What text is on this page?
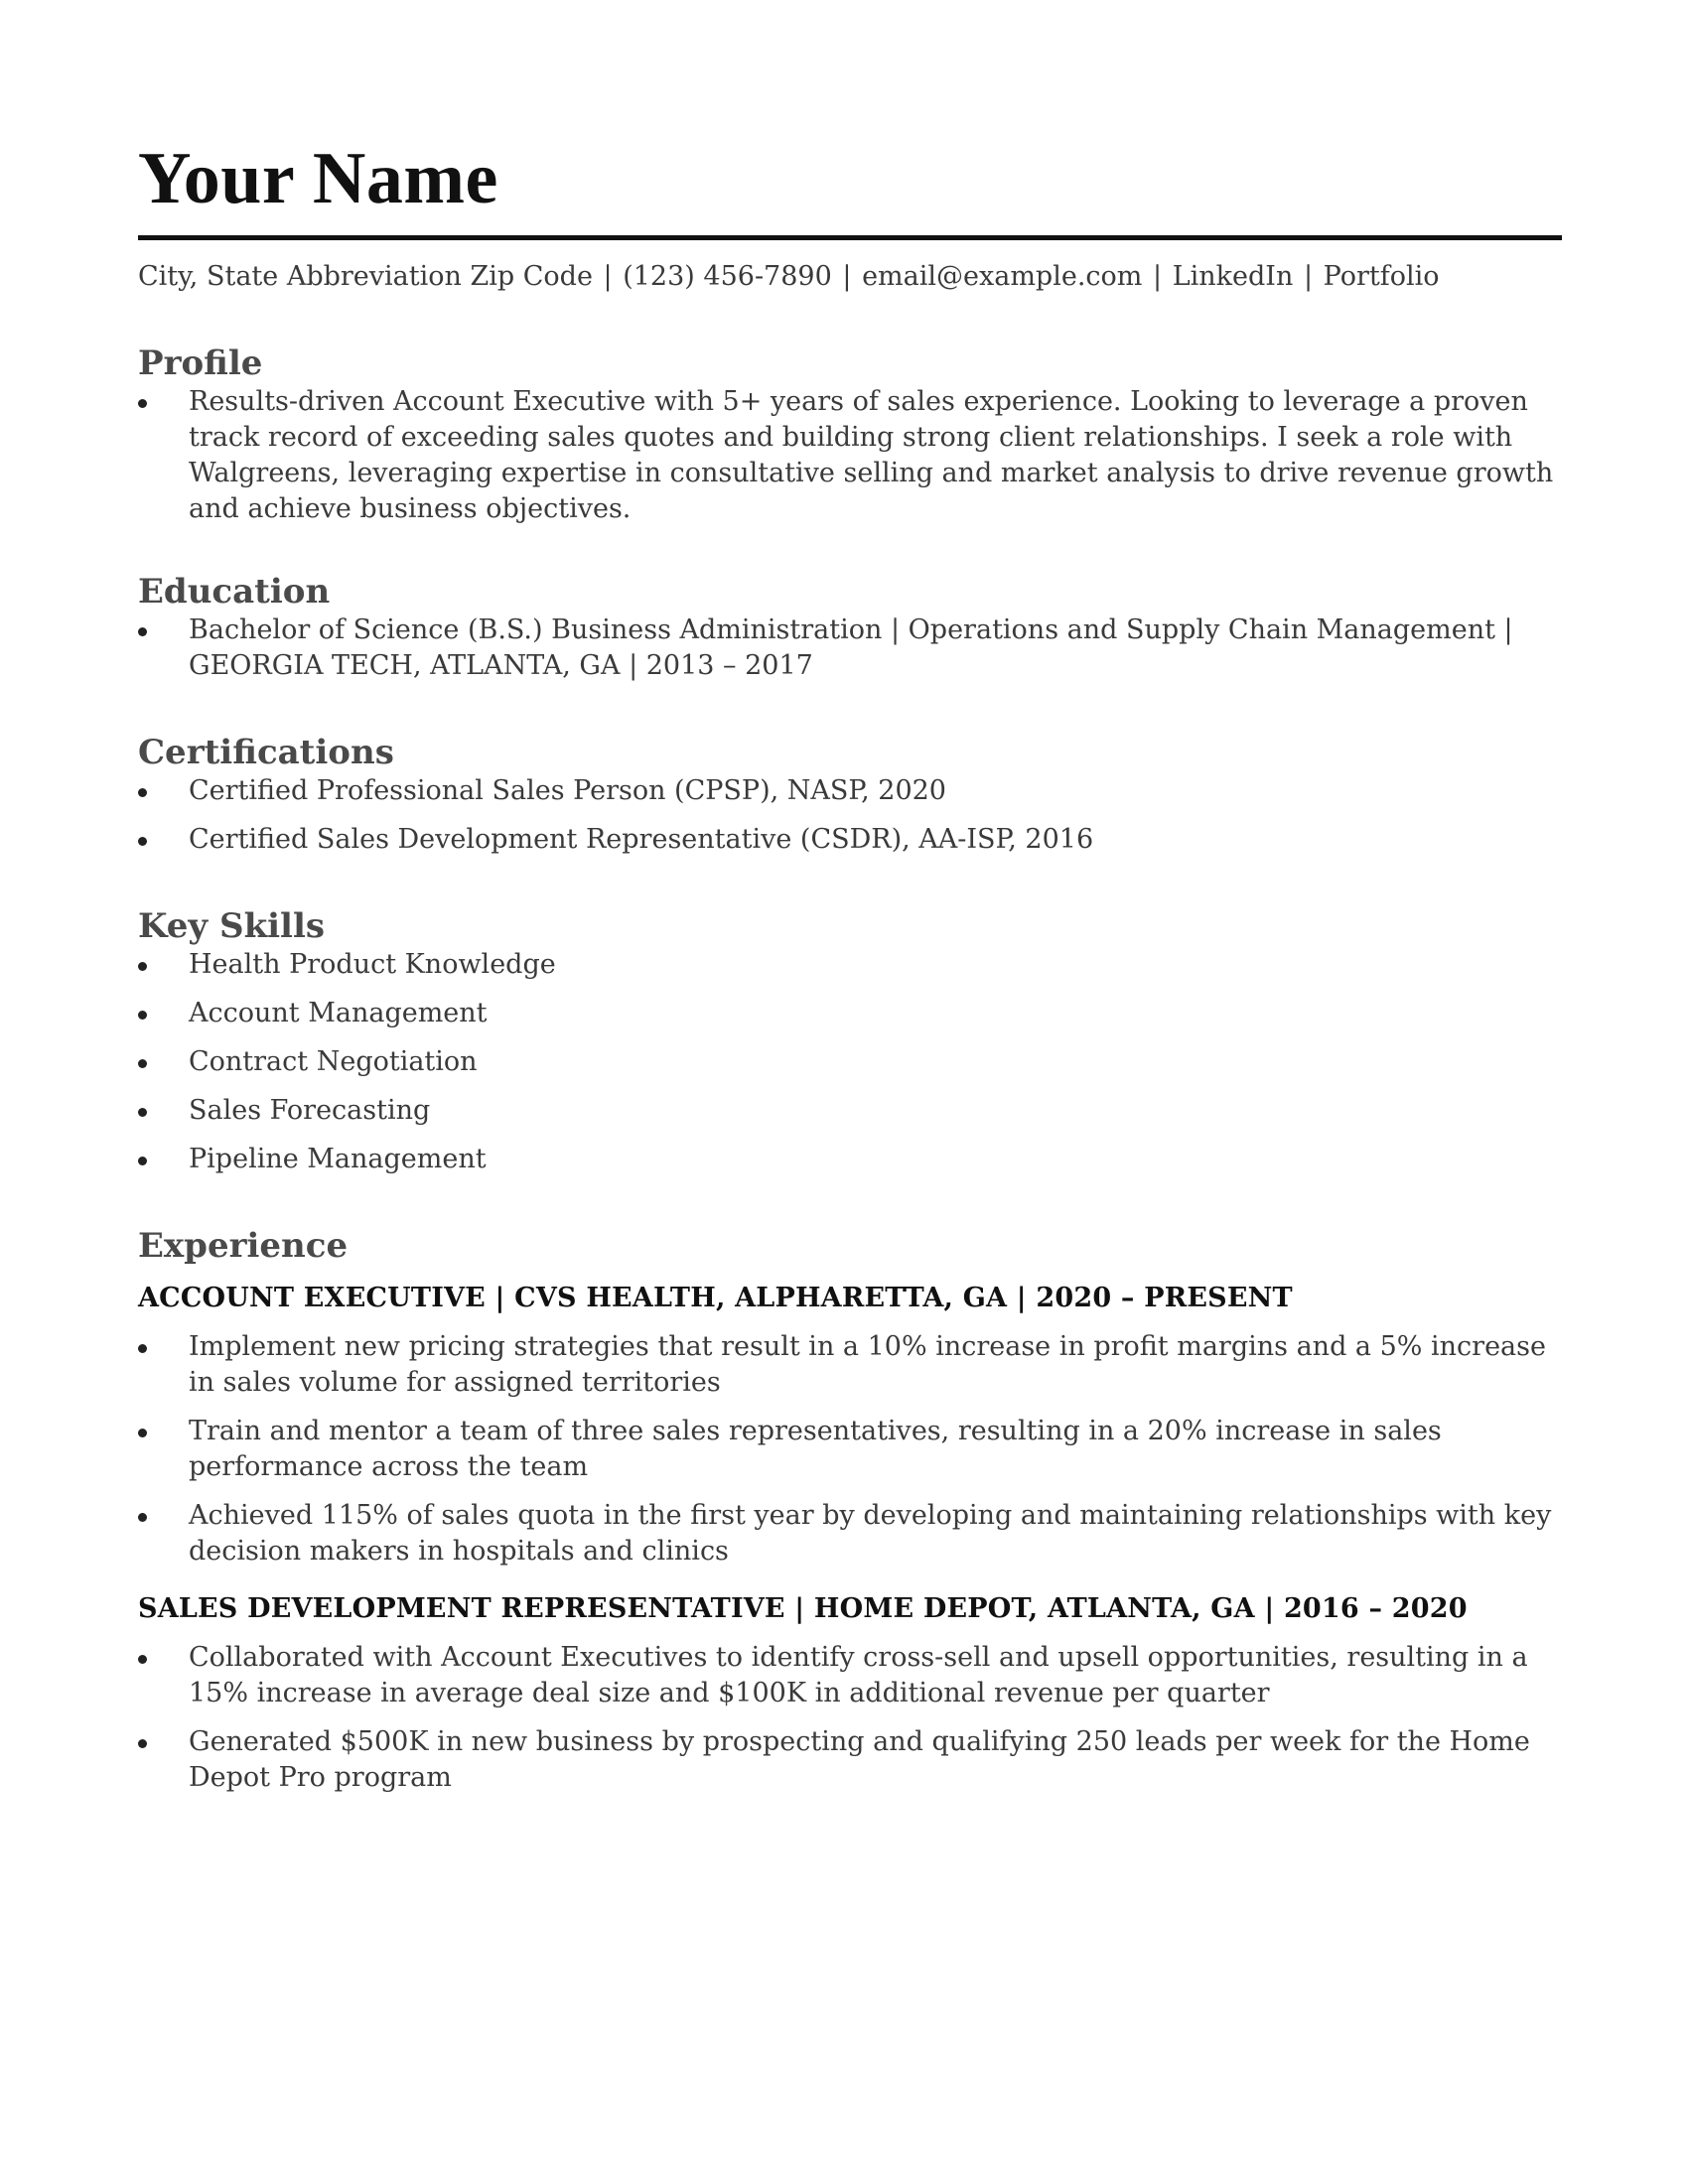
Your Name
City, State Abbreviation Zip Code | (123) 456-7890 | email@example.com | LinkedIn | Portfolio
Profile
Results-driven Account Executive with 5+ years of sales experience. Looking to leverage a proven track record of exceeding sales quotes and building strong client relationships. I seek a role with Walgreens, leveraging expertise in consultative selling and market analysis to drive revenue growth and achieve business objectives.
Education
Bachelor of Science (B.S.) Business Administration | Operations and Supply Chain Management | GEORGIA TECH, ATLANTA, GA | 2013 – 2017
Certifications
Certified Professional Sales Person (CPSP), NASP, 2020
Certified Sales Development Representative (CSDR), AA-ISP, 2016
Key Skills
Health Product Knowledge
Account Management
Contract Negotiation
Sales Forecasting
Pipeline Management
Experience
ACCOUNT EXECUTIVE | CVS HEALTH, ALPHARETTA, GA | 2020 – PRESENT
Implement new pricing strategies that result in a 10% increase in profit margins and a 5% increase in sales volume for assigned territories
Train and mentor a team of three sales representatives, resulting in a 20% increase in sales performance across the team
Achieved 115% of sales quota in the first year by developing and maintaining relationships with key decision makers in hospitals and clinics
SALES DEVELOPMENT REPRESENTATIVE | HOME DEPOT, ATLANTA, GA | 2016 – 2020
Collaborated with Account Executives to identify cross-sell and upsell opportunities, resulting in a 15% increase in average deal size and $100K in additional revenue per quarter
Generated $500K in new business by prospecting and qualifying 250 leads per week for the Home Depot Pro program
